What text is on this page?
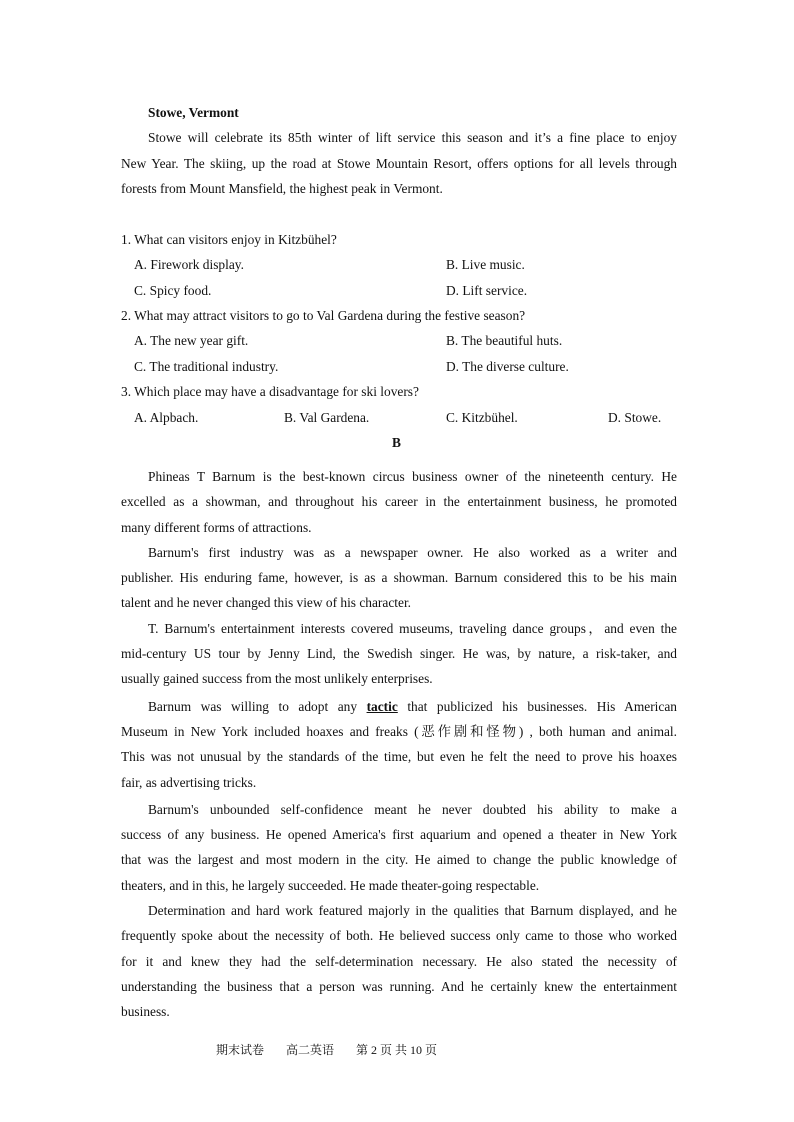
Stowe, Vermont
Stowe will celebrate its 85th winter of lift service this season and it’s a fine place to enjoy
New Year. The skiing, up the road at Stowe Mountain Resort, offers options for all levels through
forests from Mount Mansfield, the highest peak in Vermont.
1. What can visitors enjoy in Kitzbühel?
A. Firework display.	B. Live music.
C. Spicy food.	D. Lift service.
2. What may attract visitors to go to Val Gardena during the festive season?
A. The new year gift.	B. The beautiful huts.
C. The traditional industry.	D. The diverse culture.
3. Which place may have a disadvantage for ski lovers?
A. Alpbach.	B. Val Gardena.	C. Kitzbühel.	D. Stowe.
B
Phineas T Barnum is the best-known circus business owner of the nineteenth century. He
excelled as a showman, and throughout his career in the entertainment business, he promoted
many different forms of attractions.
Barnum's first industry was as a newspaper owner. He also worked as a writer and
publisher. His enduring fame, however, is as a showman. Barnum considered this to be his main
talent and he never changed this view of his character.
T. Barnum's entertainment interests covered museums, traveling dance groups，and even the
mid-century US tour by Jenny Lind, the Swedish singer. He was, by nature, a risk-taker, and
usually gained success from the most unlikely enterprises.
Barnum was willing to adopt any tactic that publicized his businesses. His American
Museum in New York included hoaxes and freaks (恶作剧和怪物) , both human and animal.
This was not unusual by the standards of the time, but even he felt the need to prove his hoaxes
fair, as advertising tricks.
Barnum's unbounded self-confidence meant he never doubted his ability to make a
success of any business. He opened America's first aquarium and opened a theater in New York
that was the largest and most modern in the city. He aimed to change the public knowledge of
theaters, and in this, he largely succeeded. He made theater-going respectable.
Determination and hard work featured majorly in the qualities that Barnum displayed, and he
frequently spoke about the necessity of both. He believed success only came to those who worked
for it and knew they had the self-determination necessary. He also stated the necessity of
understanding the business that a person was running. And he certainly knew the entertainment
business.
期末试卷 高二英语 第 2 页 共 10 页
